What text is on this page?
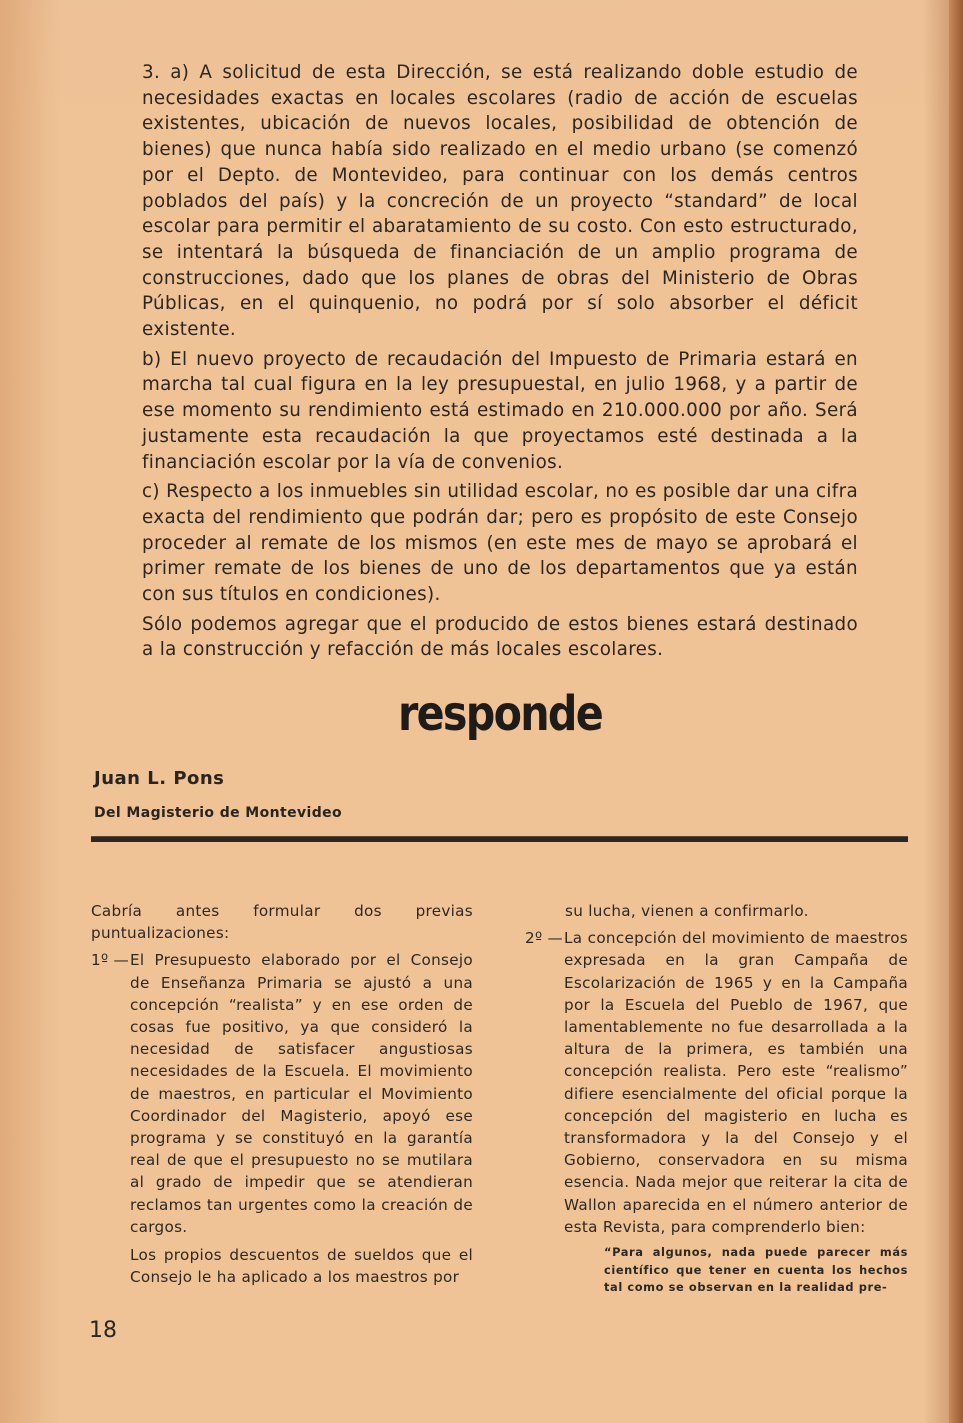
3. a) A solicitud de esta Dirección, se está realizando doble estudio de necesidades exactas en locales escolares (radio de acción de escuelas existentes, ubicación de nuevos locales, posibilidad de obtención de bienes) que nunca había sido realizado en el medio urbano (se comenzó por el Depto. de Montevideo, para continuar con los demás centros poblados del país) y la concreción de un proyecto “standard” de local escolar para permitir el abaratamiento de su costo. Con esto estructurado, se intentará la búsqueda de financiación de un amplio programa de construcciones, dado que los planes de obras del Ministerio de Obras Públicas, en el quinquenio, no podrá por sí solo absorber el déficit existente.

b) El nuevo proyecto de recaudación del Impuesto de Primaria estará en marcha tal cual figura en la ley presupuestal, en julio 1968, y a partir de ese momento su rendimiento está estimado en 210.000.000 por año. Será justamente esta recaudación la que proyectamos esté destinada a la financiación escolar por la vía de convenios.

c) Respecto a los inmuebles sin utilidad escolar, no es posible dar una cifra exacta del rendimiento que podrán dar; pero es propósito de este Consejo proceder al remate de los mismos (en este mes de mayo se aprobará el primer remate de los bienes de uno de los departamentos que ya están con sus títulos en condiciones).

Sólo podemos agregar que el producido de estos bienes estará destinado a la construcción y refacción de más locales escolares.

responde
Juan L. Pons
Del Magisterio de Montevideo

Cabría antes formular dos previas puntualizaciones:

1º — El Presupuesto elaborado por el Consejo de Enseñanza Primaria se ajustó a una concepción “realista” y en ese orden de cosas fue positivo, ya que consideró la necesidad de satisfacer angustiosas necesidades de la Escuela. El movimiento de maestros, en particular el Movimiento Coordinador del Magisterio, apoyó ese programa y se constituyó en la garantía real de que el presupuesto no se mutilara al grado de impedir que se atendieran reclamos tan urgentes como la creación de cargos.

Los propios descuentos de sueldos que el Consejo le ha aplicado a los maestros por

su lucha, vienen a confirmarlo.

2º — La concepción del movimiento de maestros expresada en la gran Campaña de Escolarización de 1965 y en la Campaña por la Escuela del Pueblo de 1967, que lamentablemente no fue desarrollada a la altura de la primera, es también una concepción realista. Pero este “realismo” difiere esencialmente del oficial porque la concepción del magisterio en lucha es transformadora y la del Consejo y el Gobierno, conservadora en su misma esencia. Nada mejor que reiterar la cita de Wallon aparecida en el número anterior de esta Revista, para comprenderlo bien:
“Para algunos, nada puede parecer más científico que tener en cuenta los hechos tal como se observan en la realidad pre-
18
